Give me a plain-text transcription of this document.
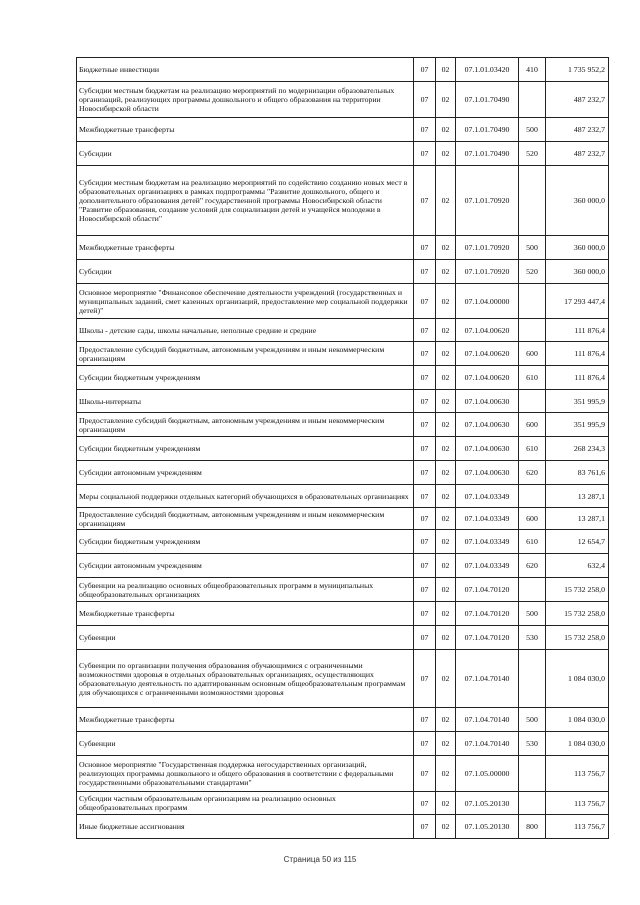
Бюджетные инвестиции	07	02	07.1.01.03420	410	1 735 952,2
Субсидии местным бюджетам на реализацию мероприятий по модернизации образовательных организаций, реализующих программы дошкольного и общего образования на территории Новосибирской области	07	02	07.1.01.70490		487 232,7
Межбюджетные трансферты	07	02	07.1.01.70490	500	487 232,7
Субсидии	07	02	07.1.01.70490	520	487 232,7
Субсидии местным бюджетам на реализацию мероприятий по содействию созданию новых мест в образовательных организациях в рамках подпрограммы "Развитие дошкольного, общего и дополнительного образования детей" государственной программы Новосибирской области "Развитие образования, создание условий для социализации детей и учащейся молодежи в Новосибирской области"	07	02	07.1.01.70920		360 000,0
Межбюджетные трансферты	07	02	07.1.01.70920	500	360 000,0
Субсидии	07	02	07.1.01.70920	520	360 000,0
Основное мероприятие "Финансовое обеспечение деятельности учреждений (государственных и муниципальных заданий, смет казенных организаций, предоставление мер социальной поддержки детей)"	07	02	07.1.04.00000		17 293 447,4
Школы - детские сады, школы начальные, неполные средние и средние	07	02	07.1.04.00620		111 876,4
Предоставление субсидий бюджетным, автономным учреждениям и иным некоммерческим организациям	07	02	07.1.04.00620	600	111 876,4
Субсидии бюджетным учреждениям	07	02	07.1.04.00620	610	111 876,4
Школы-интернаты	07	02	07.1.04.00630		351 995,9
Предоставление субсидий бюджетным, автономным учреждениям и иным некоммерческим организациям	07	02	07.1.04.00630	600	351 995,9
Субсидии бюджетным учреждениям	07	02	07.1.04.00630	610	268 234,3
Субсидии автономным учреждениям	07	02	07.1.04.00630	620	83 761,6
Меры социальной поддержки отдельных категорий обучающихся в образовательных организациях	07	02	07.1.04.03349		13 287,1
Предоставление субсидий бюджетным, автономным учреждениям и иным некоммерческим организациям	07	02	07.1.04.03349	600	13 287,1
Субсидии бюджетным учреждениям	07	02	07.1.04.03349	610	12 654,7
Субсидии автономным учреждениям	07	02	07.1.04.03349	620	632,4
Субвенции на реализацию основных общеобразовательных программ в муниципальных общеобразовательных организациях	07	02	07.1.04.70120		15 732 258,0
Межбюджетные трансферты	07	02	07.1.04.70120	500	15 732 258,0
Субвенции	07	02	07.1.04.70120	530	15 732 258,0
Субвенции по организации получения образования обучающимися с ограниченными возможностями здоровья в отдельных образовательных организациях, осуществляющих образовательную деятельность по адаптированным основным общеобразовательным программам для обучающихся с ограниченными возможностями здоровья	07	02	07.1.04.70140		1 084 030,0
Межбюджетные трансферты	07	02	07.1.04.70140	500	1 084 030,0
Субвенции	07	02	07.1.04.70140	530	1 084 030,0
Основное мероприятие "Государственная поддержка негосударственных организаций, реализующих программы дошкольного и общего образования в соответствии с федеральными государственными образовательными стандартами"	07	02	07.1.05.00000		113 756,7
Субсидии частным образовательным организациям на реализацию основных общеобразовательных программ	07	02	07.1.05.20130		113 756,7
Иные бюджетные ассигнования	07	02	07.1.05.20130	800	113 756,7
Страница 50 из 115
